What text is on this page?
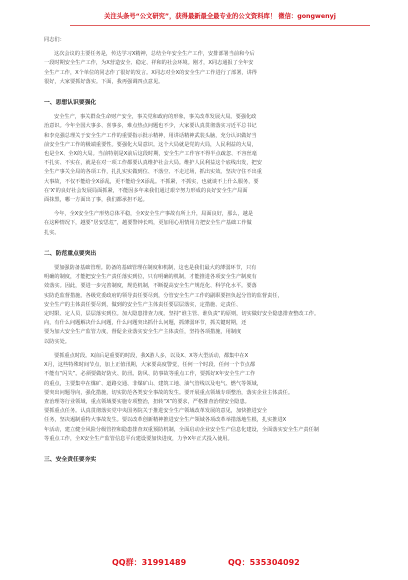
关注头条号“公文研究”，获得最新最全最专业的公文资料库！ 微信：gongwenyj

同志们：

这次会议的主要任务是，传达学习X精神，总结全年安全生产工作，安排部署当前和今后

一段时期安全生产工作，为X营造安全、稳定、祥和的社会环境。刚才，X同志通报了全年安

全生产工作，X个单位的同志作了很好的发言。X同志对全X的安全生产工作进行了部署，讲得

很好，大家要抓好落实。下面，我再强调四点意见。

一、思想认识要强化

安全生产，事关群众生命财产安全，事关党和政府的形象，事关改革发展大局。要强化政

治意识。今年全国大事多、喜事多，难点热点问题也不少，大家要认真贯彻落实习近平总书记

和李克强总理关于安全生产工作的重要指示批示精神，用讲话精神武装头脑，充分认识做好当

前安全生产工作的极端重要性。要强化大局意识。这个大局就是党的大局，人民利益的大局，

也是全X、全X的大局。当前特别是X前后这段时期，安全生产工作容不得半点疏忽、不容丝毫

不扎实、不实在，就是在对一项工作都要认真维护社会大局。维护人民利益这个底线出发，把安

全生产事关全局的各项工作，扎扎实实做到位、不落空、不走过场，抓出实效。坚决守住不出重

大事故，不仅不能给全X添乱，更不能给全X添乱。不抓紧，不抓实，也就谈不上什么服务，要

在'X'的良好社会发展局面抓紧，不能因多年来我们通过艰辛努力形成的良好安全生产局面

面抹黑，哪一方面出了事，我们都承担不起。

今年，全X安全生产形势总体平稳，全X安全生产事故有所上升，局面良好，那么，越是

在这种情况下，越要“居安思危”，越要警钟长鸣，更加用心用情用力把安全生产基础工作做

扎实。

二、防范重点要突出

要加强防备基础管理。防备的基础管理在制度和机制，这也是我们最大的薄弱环节，只有

明确的制度，才能把安全生产责任落实到位，只有明确的机制，才能推进各项安全生产制度有

效落实。因此，要进一步完善制度，规范机制，不断提高安全生产规范化、科学化水平。要落

实防范监督措施。各级党委政府的领导责任要尽到，分管安全生产工作的副职要担负起分管的监督责任，

安全生产的主体责任要尽到，做到的安全生产主体责任要层层落实，定措施、定责任、

定时限、定人员，层层落实到位。加大隐患排查力度。坚持“谁主管、谁负责”的原则，切实做好安全隐患排查整改工作。

向，有什么问题解决什么问题，什么问题突出抓什么问题，抓薄弱环节，抓关键时期，还

要为加大安全生产监管力度，督促企业落实安全生产主体责任，坚持各项措施，用制度

以防实处。

要抓重点时段。X前后是重要的时段，我X游人多，以及X、X等大型活动，都集中在X

X月，这些特殊时间节点，加上正值汛期，大家要高度警觉，任何一个时段、任何一个节点都

不能有“闪失”。必须要做好防火、防汛、防风、防事故等重点工作，要抓好X年安全生产工作

的重点，主要集中在煤矿、道路交通、非煤矿山、建筑工地、油气管线以及电气、燃气等领域，

要突出问题导向，强化措施，切实防范各类安全事故的发生。要开展重点领域专项整治，落实企业主体责任。

查治理等行业领域，重点领域要实施专项整治，扭转“X”的要求，严格排查治理安全隐患。

要抓重点任务。认真贯彻落实党中央国务院关于推进安全生产领域改革发展的意见，加快推进安全

任务，坚决遏制重特大事故发生。要以改革创新精神推进安全生产领域各项改革举措落地生根，扎实推进X

年活动，建立健全风险分级管控和隐患排查双重预防机制，全面启动企业安全生产信息化建设，全面落实安全生产责任制

等重点工作，全X安全生产监管信息平台建设要加快进度，力争X年正式投入使用。

三、安全责任要夯实
QQ群：31991489	QQ：535304092
